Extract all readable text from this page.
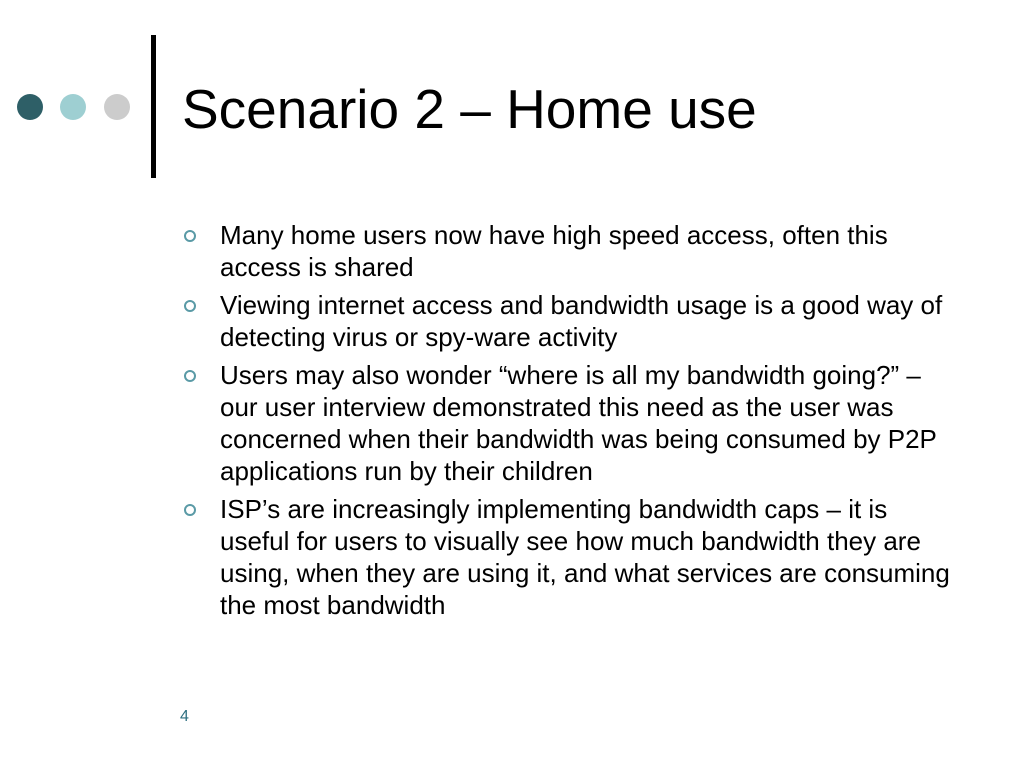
Scenario 2 – Home use
Many home users now have high speed access, often this access is shared
Viewing internet access and bandwidth usage is a good way of detecting virus or spy-ware activity
Users may also wonder “where is all my bandwidth going?” – our user interview demonstrated this need as the user was concerned when their bandwidth was being consumed by P2P applications run by their children
ISP’s are increasingly implementing bandwidth caps – it is useful for users to visually see how much bandwidth they are using, when they are using it, and what services are consuming the most bandwidth
4
